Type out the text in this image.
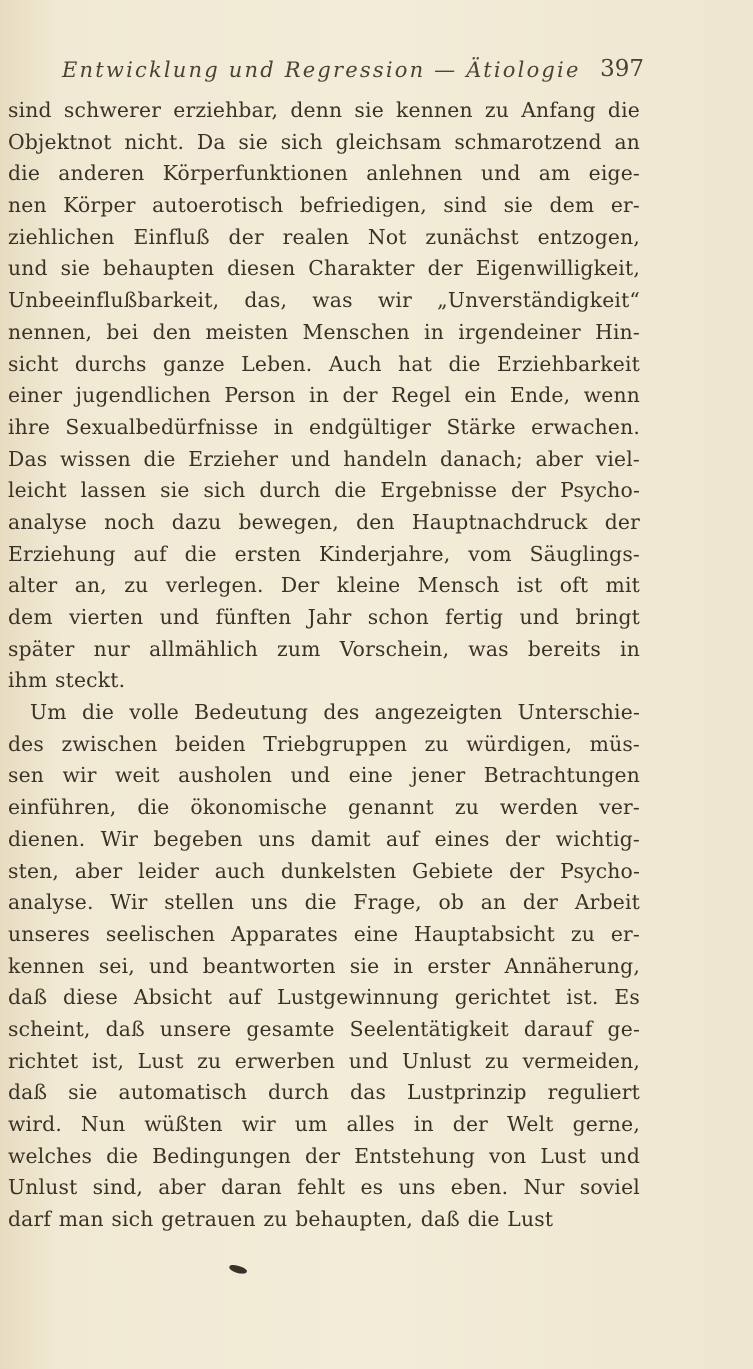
Entwicklung und Regression — Ätiologie 397
sind schwerer erziehbar, denn sie kennen zu Anfang die
Objektnot nicht. Da sie sich gleichsam schmarotzend an
die anderen Körperfunktionen anlehnen und am eige-
nen Körper autoerotisch befriedigen, sind sie dem er-
ziehlichen Einfluß der realen Not zunächst entzogen,
und sie behaupten diesen Charakter der Eigenwilligkeit,
Unbeeinflußbarkeit, das, was wir „Unverständigkeit“
nennen, bei den meisten Menschen in irgendeiner Hin-
sicht durchs ganze Leben. Auch hat die Erziehbarkeit
einer jugendlichen Person in der Regel ein Ende, wenn
ihre Sexualbedürfnisse in endgültiger Stärke erwachen.
Das wissen die Erzieher und handeln danach; aber viel-
leicht lassen sie sich durch die Ergebnisse der Psycho-
analyse noch dazu bewegen, den Hauptnachdruck der
Erziehung auf die ersten Kinderjahre, vom Säuglings-
alter an, zu verlegen. Der kleine Mensch ist oft mit
dem vierten und fünften Jahr schon fertig und bringt
später nur allmählich zum Vorschein, was bereits in
ihm steckt.
Um die volle Bedeutung des angezeigten Unterschie-
des zwischen beiden Triebgruppen zu würdigen, müs-
sen wir weit ausholen und eine jener Betrachtungen
einführen, die ökonomische genannt zu werden ver-
dienen. Wir begeben uns damit auf eines der wichtig-
sten, aber leider auch dunkelsten Gebiete der Psycho-
analyse. Wir stellen uns die Frage, ob an der Arbeit
unseres seelischen Apparates eine Hauptabsicht zu er-
kennen sei, und beantworten sie in erster Annäherung,
daß diese Absicht auf Lustgewinnung gerichtet ist. Es
scheint, daß unsere gesamte Seelentätigkeit darauf ge-
richtet ist, Lust zu erwerben und Unlust zu vermeiden,
daß sie automatisch durch das Lustprinzip reguliert
wird. Nun wüßten wir um alles in der Welt gerne,
welches die Bedingungen der Entstehung von Lust und
Unlust sind, aber daran fehlt es uns eben. Nur soviel
darf man sich getrauen zu behaupten, daß die Lust
